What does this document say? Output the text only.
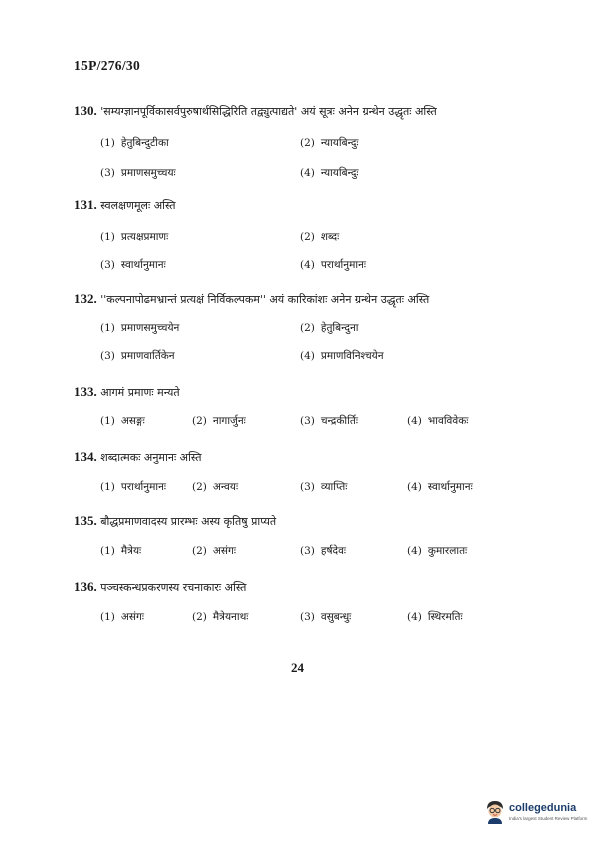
15P/276/30
130. 'सम्यग्ज्ञानपूर्विकासर्वपुरुषार्थसिद्धिरिति तद्व्युत्पाद्यते' अयं सूत्रः अनेन ग्रन्थेन उद्धृतः अस्ति
(1) हेतुबिन्दुटीका	(2) न्यायबिन्दुः
(3) प्रमाणसमुच्चयः	(4) न्यायबिन्दुः
131. स्वलक्षणमूलः अस्ति
(1) प्रत्यक्षप्रमाणः	(2) शब्दः
(3) स्वार्थानुमानः	(4) परार्थानुमानः
132. ''कल्पनापोढमभ्रान्तं प्रत्यक्षं निर्विकल्पकम'' अयं कारिकांशः अनेन ग्रन्थेन उद्धृतः अस्ति
(1) प्रमाणसमुच्चयेन	(2) हेतुबिन्दुना
(3) प्रमाणवार्तिकेन	(4) प्रमाणविनिश्चयेन
133. आगमं प्रमाणः मन्यते
(1) असङ्गः	(2) नागार्जुनः	(3) चन्द्रकीर्तिः	(4) भावविवेकः
134. शब्दात्मकः अनुमानः अस्ति
(1) परार्थानुमानः (2) अन्वयः	(3) व्याप्तिः	(4) स्वार्थानुमानः
135. बौद्धप्रमाणवादस्य प्रारम्भः अस्य कृतिषु प्राप्यते
(1) मैत्रेयः	(2) असंगः	(3) हर्षदेवः	(4) कुमारलातः
136. पञ्चस्कन्धप्रकरणस्य रचनाकारः अस्ति
(1) असंगः	(2) मैत्रेयनाथः	(3) वसुबन्धुः	(4) स्थिरमतिः
24
collegedunia
India's largest Student Review Platform
